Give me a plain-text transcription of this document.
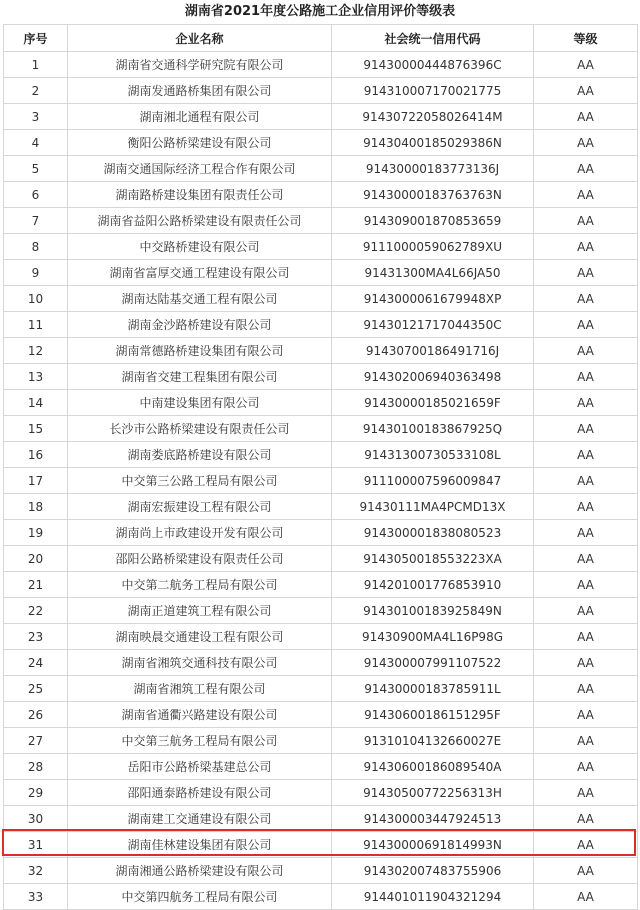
湖南省2021年度公路施工企业信用评价等级表
序号	企业名称	社会统一信用代码	等级
1	湖南省交通科学研究院有限公司	91430000444876396C	AA
2	湖南发通路桥集团有限公司	914310007170021775	AA
3	湖南湘北通程有限公司	91430722058026414M	AA
4	衡阳公路桥梁建设有限公司	91430400185029386N	AA
5	湖南交通国际经济工程合作有限公司	9143000018377313​6J	AA
6	湖南路桥建设集团有限责任公司	91430000183763763N	AA
7	湖南省益阳公路桥梁建设有限责任公司	914309001870853659	AA
8	中交路桥建设有限公司	9111000059062789XU	AA
9	湖南省富厚交通工程建设有限公司	91431300MA4L66JA50	AA
10	湖南达陆基交通工程有限公司	91430000616799​48XP	AA
11	湖南金沙路桥建设有限公司	91430121717044350C	AA
12	湖南常德路桥建设集团有限公司	91430700186491716J	AA
13	湖南省交建工程集团有限公司	914302006940363498	AA
14	中南建设集团有限公司	91430000185021659F	AA
15	长沙市公路桥梁建设有限责任公司	91430100183867925Q	AA
16	湖南娄底路桥建设有限公司	91431300730533108L	AA
17	中交第三公路工程局有限公司	911100007596009847	AA
18	湖南宏振建设工程有限公司	91430111MA4PCMD13X	AA
19	湖南尚上市政建设开发有限公司	914300001838080523	AA
20	邵阳公路桥梁建设有限责任公司	9143050018553223XA	AA
21	中交第二航务工程局有限公司	914201001776853910	AA
22	湖南正道建筑工程有限公司	91430100183925849N	AA
23	湖南映晨交通建设工程有限公司	91430900MA4L16P98G	AA
24	湖南省湘筑交通科技有限公司	914300007991107522	AA
25	湖南省湘筑工程有限公司	91430000183785911L	AA
26	湖南省通衢兴路建设有限公司	91430600186151295F	AA
27	中交第三航务工程局有限公司	91310104132660027E	AA
28	岳阳市公路桥梁基建总公司	91430600186089540A	AA
29	邵阳通泰路桥建设有限公司	91430500772256313H	AA
30	湖南建工交通建设有限公司	914300003447924513	AA
31	湖南佳林建设集团有限公司	91430000691814993N	AA
32	湖南湘通公路桥梁建设有限公司	914302007483755906	AA
33	中交第四航务工程局有限公司	914401011904321294	AA
